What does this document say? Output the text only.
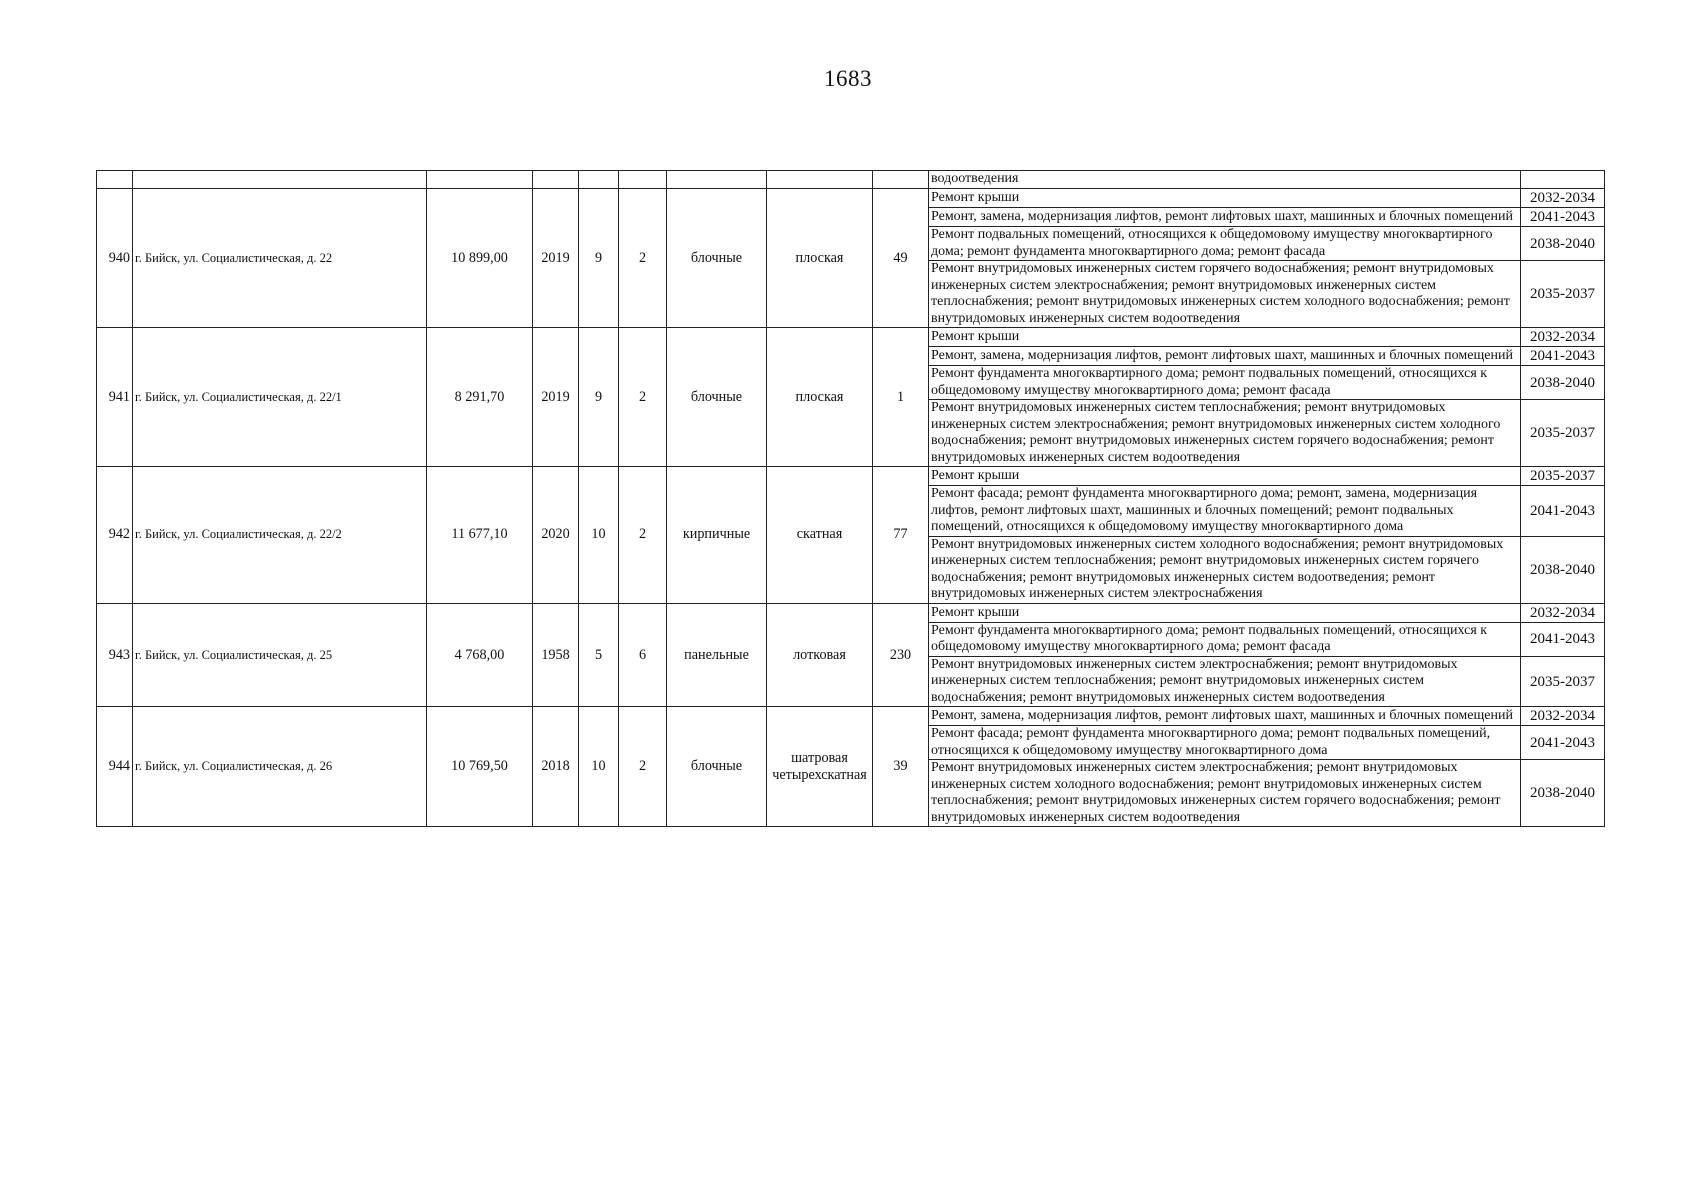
1683
									водоотведения	
940	г. Бийск, ул. Социалистическая, д. 22	10 899,00	2019	9	2	блочные	плоская	49	Ремонт крыши	2032-2034
									Ремонт, замена, модернизация лифтов, ремонт лифтовых шахт, машинных и блочных помещений	2041-2043
									Ремонт подвальных помещений, относящихся к общедомовому имуществу многоквартирного дома; ремонт фундамента многоквартирного дома; ремонт фасада	2038-2040
									Ремонт внутридомовых инженерных систем горячего водоснабжения; ремонт внутридомовых инженерных систем электроснабжения; ремонт внутридомовых инженерных систем теплоснабжения; ремонт внутридомовых инженерных систем холодного водоснабжения; ремонт внутридомовых инженерных систем водоотведения	2035-2037
941	г. Бийск, ул. Социалистическая, д. 22/1	8 291,70	2019	9	2	блочные	плоская	1	Ремонт крыши	2032-2034
									Ремонт, замена, модернизация лифтов, ремонт лифтовых шахт, машинных и блочных помещений	2041-2043
									Ремонт фундамента многоквартирного дома; ремонт подвальных помещений, относящихся к общедомовому имуществу многоквартирного дома; ремонт фасада	2038-2040
									Ремонт внутридомовых инженерных систем теплоснабжения; ремонт внутридомовых инженерных систем электроснабжения; ремонт внутридомовых инженерных систем холодного водоснабжения; ремонт внутридомовых инженерных систем горячего водоснабжения; ремонт внутридомовых инженерных систем водоотведения	2035-2037
942	г. Бийск, ул. Социалистическая, д. 22/2	11 677,10	2020	10	2	кирпичные	скатная	77	Ремонт крыши	2035-2037
									Ремонт фасада; ремонт фундамента многоквартирного дома; ремонт, замена, модернизация лифтов, ремонт лифтовых шахт, машинных и блочных помещений; ремонт подвальных помещений, относящихся к общедомовому имуществу многоквартирного дома	2041-2043
									Ремонт внутридомовых инженерных систем холодного водоснабжения; ремонт внутридомовых инженерных систем теплоснабжения; ремонт внутридомовых инженерных систем горячего водоснабжения; ремонт внутридомовых инженерных систем водоотведения; ремонт внутридомовых инженерных систем электроснабжения	2038-2040
943	г. Бийск, ул. Социалистическая, д. 25	4 768,00	1958	5	6	панельные	лотковая	230	Ремонт крыши	2032-2034
									Ремонт фундамента многоквартирного дома; ремонт подвальных помещений, относящихся к общедомовому имуществу многоквартирного дома; ремонт фасада	2041-2043
									Ремонт внутридомовых инженерных систем электроснабжения; ремонт внутридомовых инженерных систем теплоснабжения; ремонт внутридомовых инженерных систем водоснабжения; ремонт внутридомовых инженерных систем водоотведения	2035-2037
944	г. Бийск, ул. Социалистическая, д. 26	10 769,50	2018	10	2	блочные	шатровая четырехскатная	39	Ремонт, замена, модернизация лифтов, ремонт лифтовых шахт, машинных и блочных помещений	2032-2034
									Ремонт фасада; ремонт фундамента многоквартирного дома; ремонт подвальных помещений, относящихся к общедомовому имуществу многоквартирного дома	2041-2043
									Ремонт внутридомовых инженерных систем электроснабжения; ремонт внутридомовых инженерных систем холодного водоснабжения; ремонт внутридомовых инженерных систем теплоснабжения; ремонт внутридомовых инженерных систем горячего водоснабжения; ремонт внутридомовых инженерных систем водоотведения	2038-2040
